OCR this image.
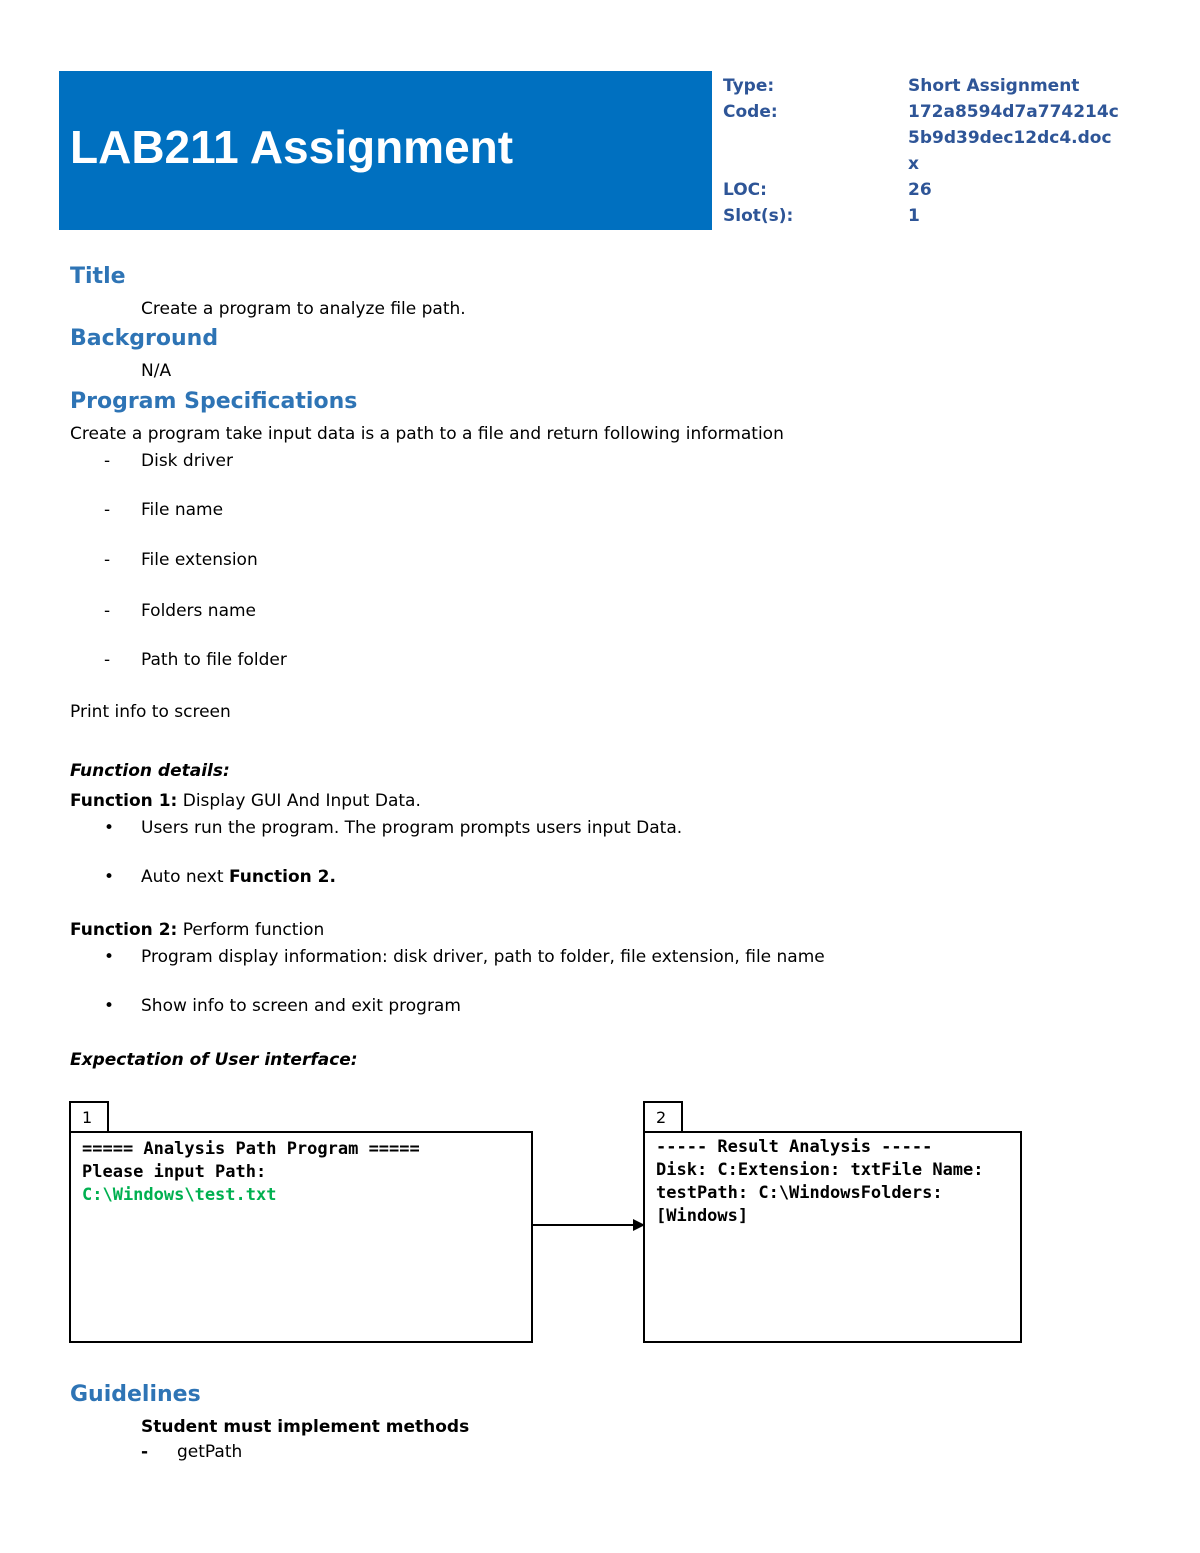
LAB211 Assignment
Type:
Code:

LOC:
Slot(s):
Short Assignment
172a8594d7a774214c
5b9d39dec12dc4.doc
x
26
1
Title
Create a program to analyze file path.
Background
N/A
Program Specifications
Create a program take input data is a path to a file and return following information
- Disk driver
- File name
- File extension
- Folders name
- Path to file folder
Print info to screen
Function details:
Function 1: Display GUI And Input Data.
• Users run the program. The program prompts users input Data.
• Auto next Function 2.
Function 2: Perform function
• Program display information: disk driver, path to folder, file extension, file name
• Show info to screen and exit program
Expectation of User interface:
1
===== Analysis Path Program =====
Please input Path:
C:\Windows\test.txt
2
----- Result Analysis -----
Disk: C:Extension: txtFile Name:
testPath: C:\WindowsFolders:
[Windows]
Guidelines
Student must implement methods
- getPath
